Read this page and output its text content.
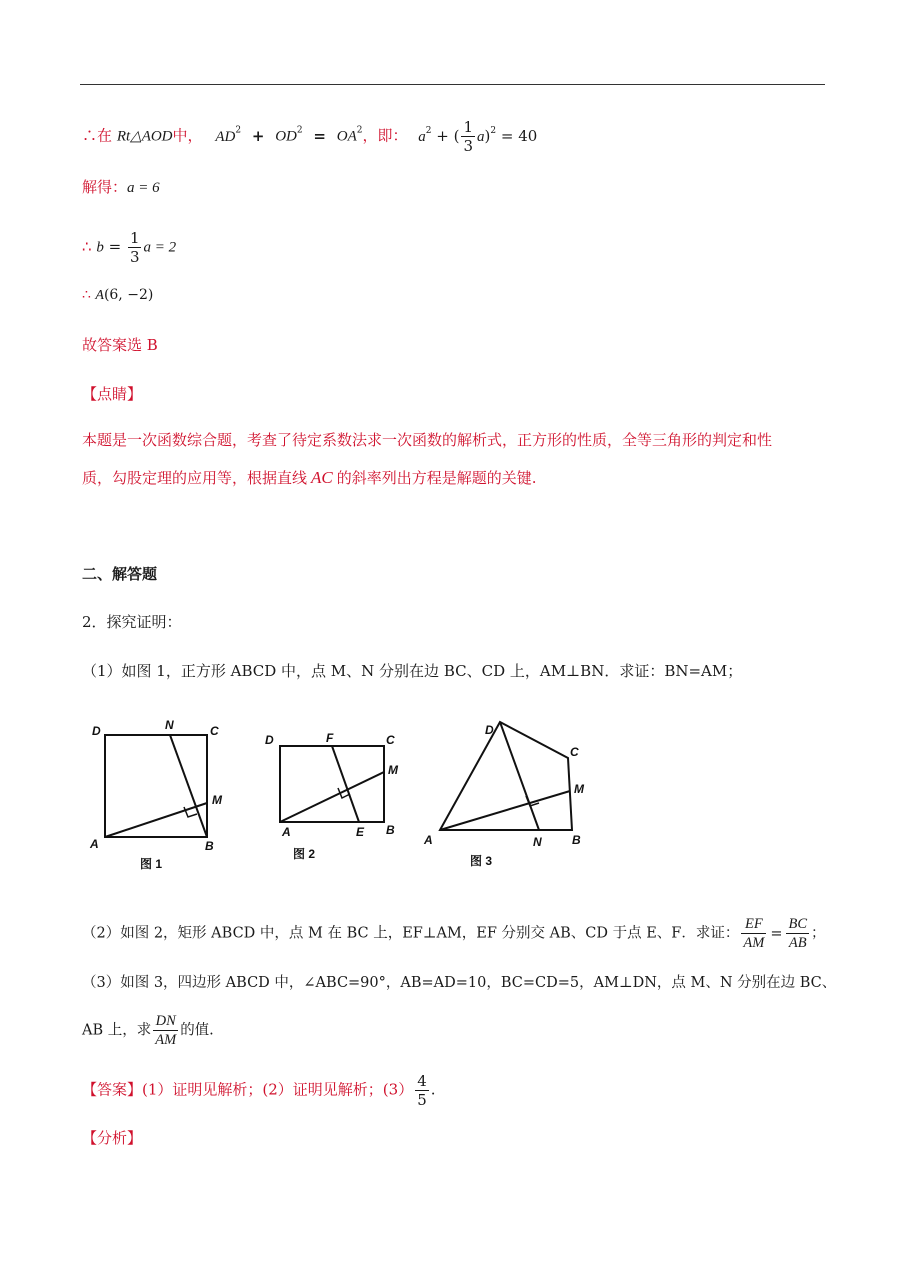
∴在 Rt△AOD中， $AD^2 + OD^2 = OA^2$，即： $a^2$ + ( $\frac{1}{3} a)^2 = 40$
解得：a = 6
∴ $b = \frac{1}{3}$ a = 2
∴ A(6, −2)
故答案选 B
【点睛】
本题是一次函数综合题，考查了待定系数法求一次函数的解析式，正方形的性质，全等三角形的判定和性
质，勾股定理的应用等，根据直线 AC 的斜率列出方程是解题的关键.
二、解答题
2．探究证明：
（1）如图 1，正方形 ABCD 中，点 M、N 分别在边 BC、CD 上，AM⊥BN．求证：BN=AM；
D	N	C
M
A	B
图 1
D	F	C
M
A	E B
图 2
D
C
M
A	N	B
图 3
（2）如图 2，矩形 ABCD 中，点 M 在 BC 上，EF⊥AM，EF 分别交 AB、CD 于点 E、F．求证： $\frac{EF}{AM} = \frac{BC}{AB}$ ；
（3）如图 3，四边形 ABCD 中，∠ABC=90°，AB=AD=10，BC=CD=5，AM⊥DN，点 M、N 分别在边 BC、
AB 上，求 $\frac{DN}{AM}$ 的值.
【答案】(1）证明见解析；(2）证明见解析；$(3) \frac{4}{5}$ .
【分析】
